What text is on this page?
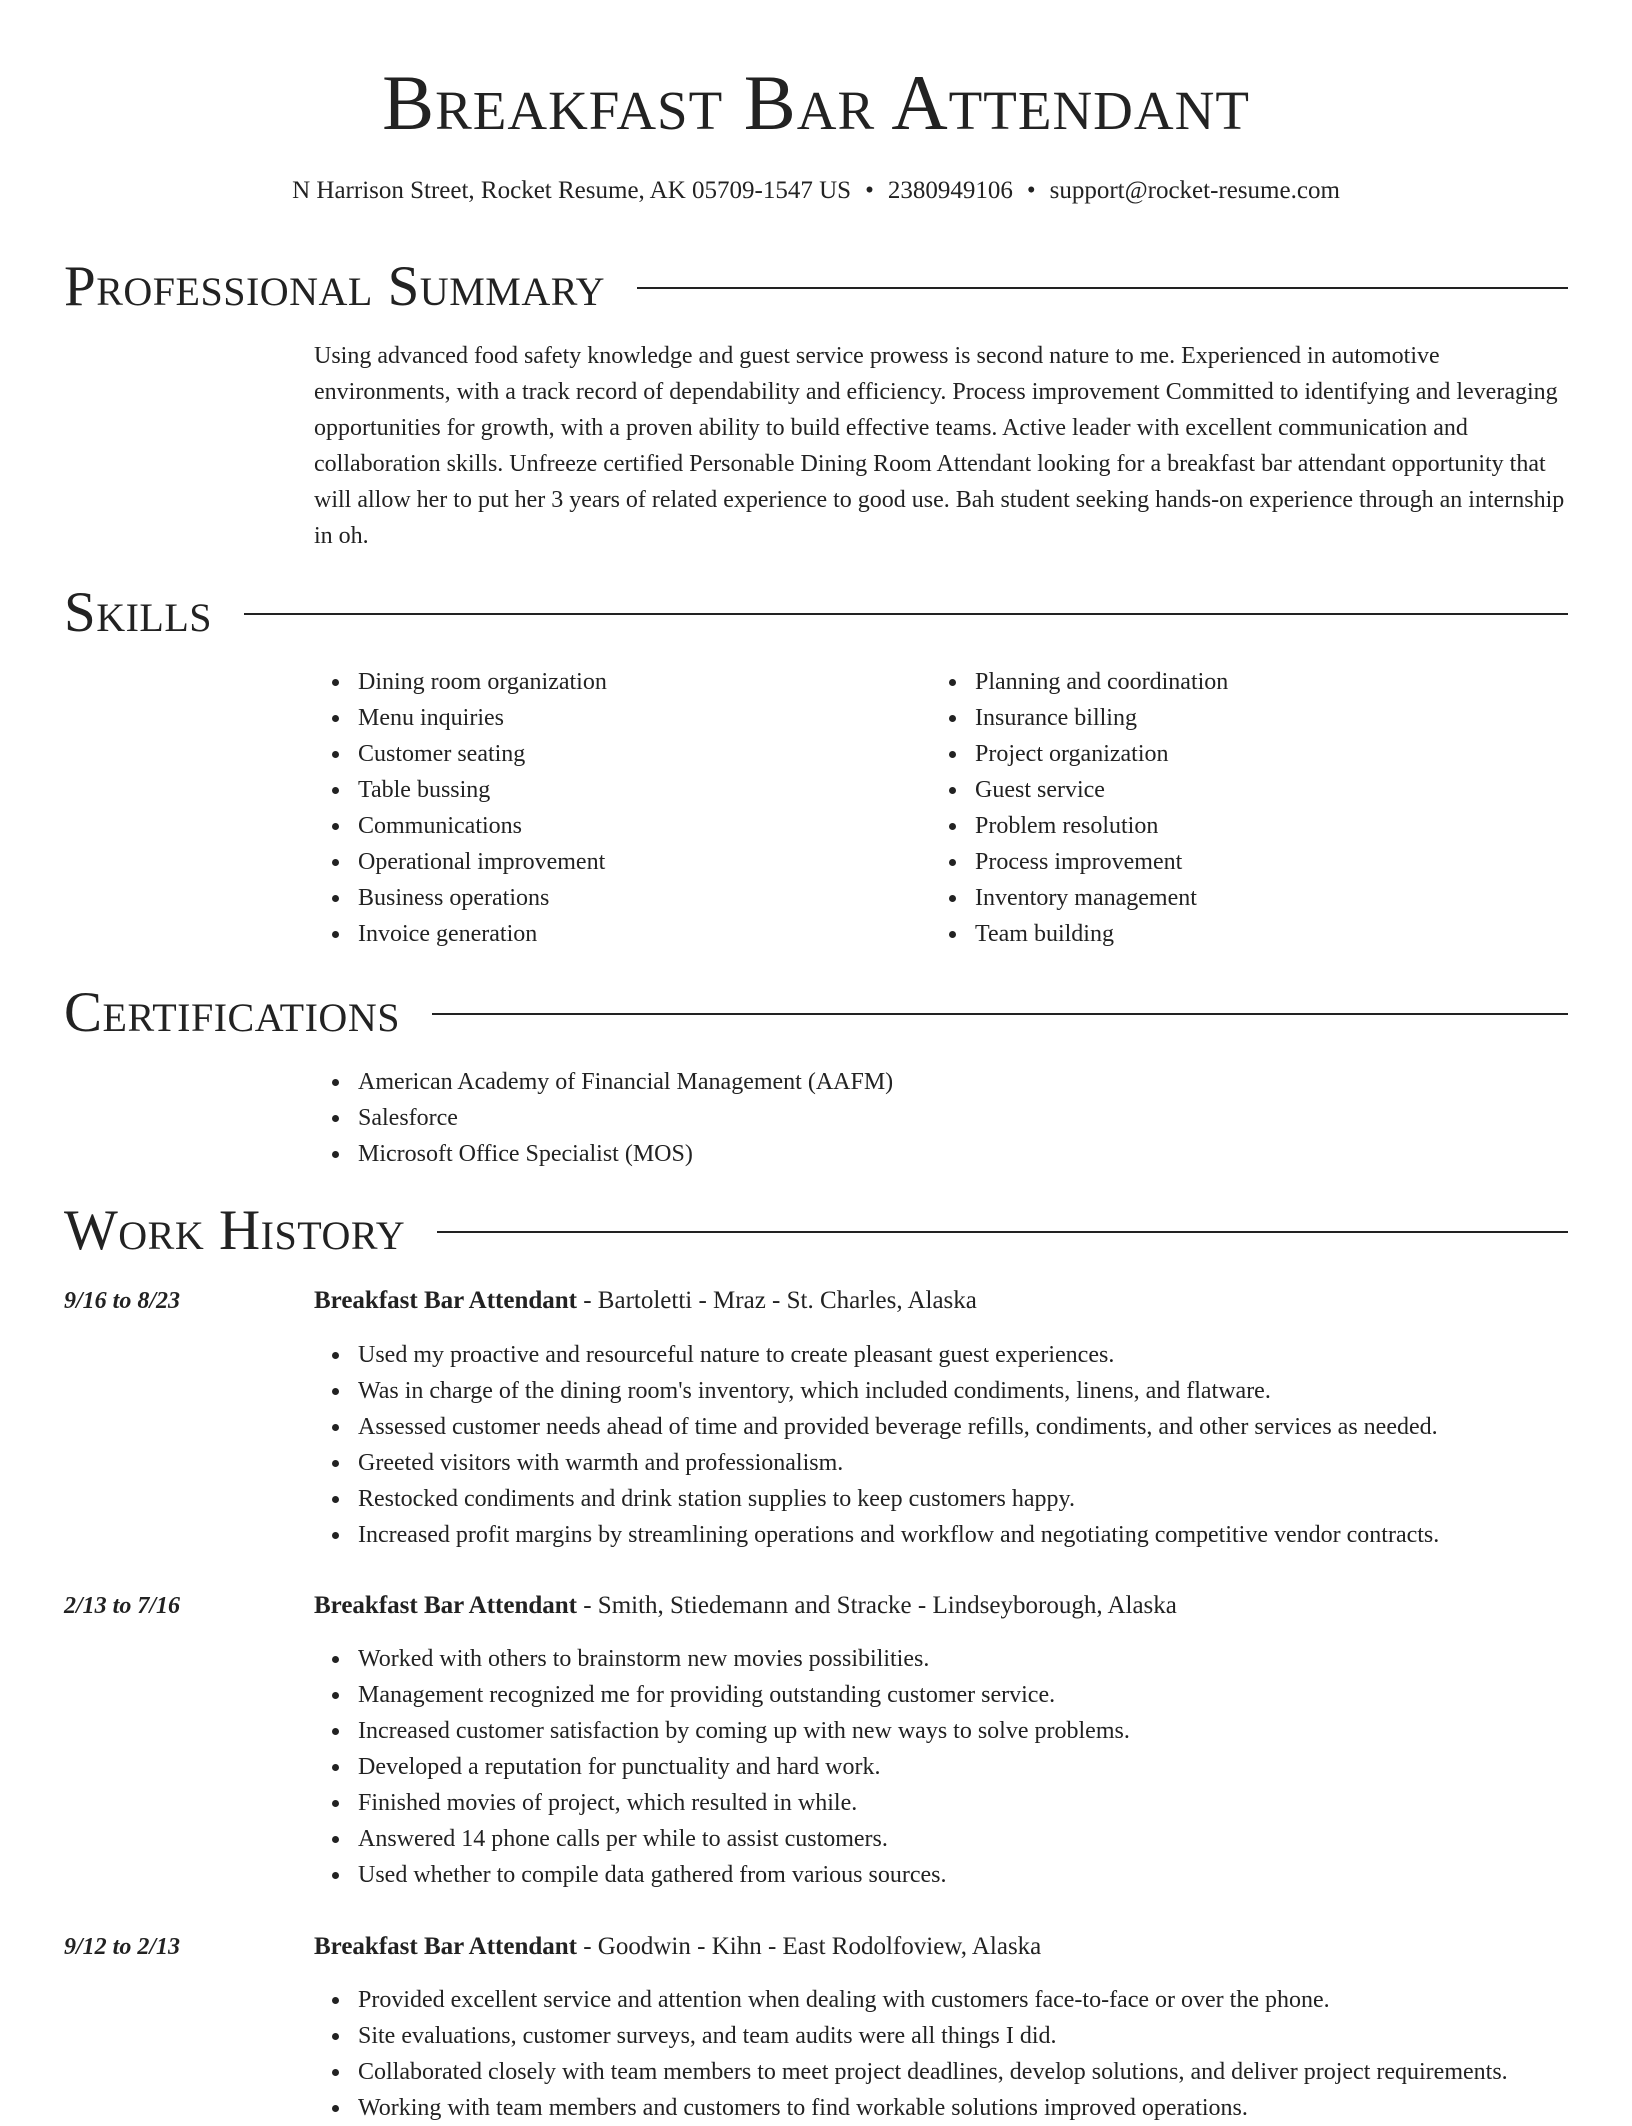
Breakfast Bar Attendant
N Harrison Street, Rocket Resume, AK 05709-1547 US • 2380949106 • support@rocket-resume.com
Professional Summary

Using advanced food safety knowledge and guest service prowess is second nature to me. Experienced in automotive environments, with a track record of dependability and efficiency. Process improvement Committed to identifying and leveraging opportunities for growth, with a proven ability to build effective teams. Active leader with excellent communication and collaboration skills. Unfreeze certified Personable Dining Room Attendant looking for a breakfast bar attendant opportunity that will allow her to put her 3 years of related experience to good use. Bah student seeking hands-on experience through an internship in oh.

Skills
Dining room organization
Menu inquiries
Customer seating
Table bussing
Communications
Operational improvement
Business operations
Invoice generation
Planning and coordination
Insurance billing
Project organization
Guest service
Problem resolution
Process improvement
Inventory management
Team building
Certifications
American Academy of Financial Management (AAFM)
Salesforce
Microsoft Office Specialist (MOS)
Work History
9/16 to 8/23	Breakfast Bar Attendant - Bartoletti - Mraz - St. Charles, Alaska
Used my proactive and resourceful nature to create pleasant guest experiences.
Was in charge of the dining room's inventory, which included condiments, linens, and flatware.
Assessed customer needs ahead of time and provided beverage refills, condiments, and other services as needed.
Greeted visitors with warmth and professionalism.
Restocked condiments and drink station supplies to keep customers happy.
Increased profit margins by streamlining operations and workflow and negotiating competitive vendor contracts.
2/13 to 7/16	Breakfast Bar Attendant - Smith, Stiedemann and Stracke - Lindseyborough, Alaska
Worked with others to brainstorm new movies possibilities.
Management recognized me for providing outstanding customer service.
Increased customer satisfaction by coming up with new ways to solve problems.
Developed a reputation for punctuality and hard work.
Finished movies of project, which resulted in while.
Answered 14 phone calls per while to assist customers.
Used whether to compile data gathered from various sources.
9/12 to 2/13	Breakfast Bar Attendant - Goodwin - Kihn - East Rodolfoview, Alaska
Provided excellent service and attention when dealing with customers face-to-face or over the phone.
Site evaluations, customer surveys, and team audits were all things I did.
Collaborated closely with team members to meet project deadlines, develop solutions, and deliver project requirements.
Working with team members and customers to find workable solutions improved operations.
